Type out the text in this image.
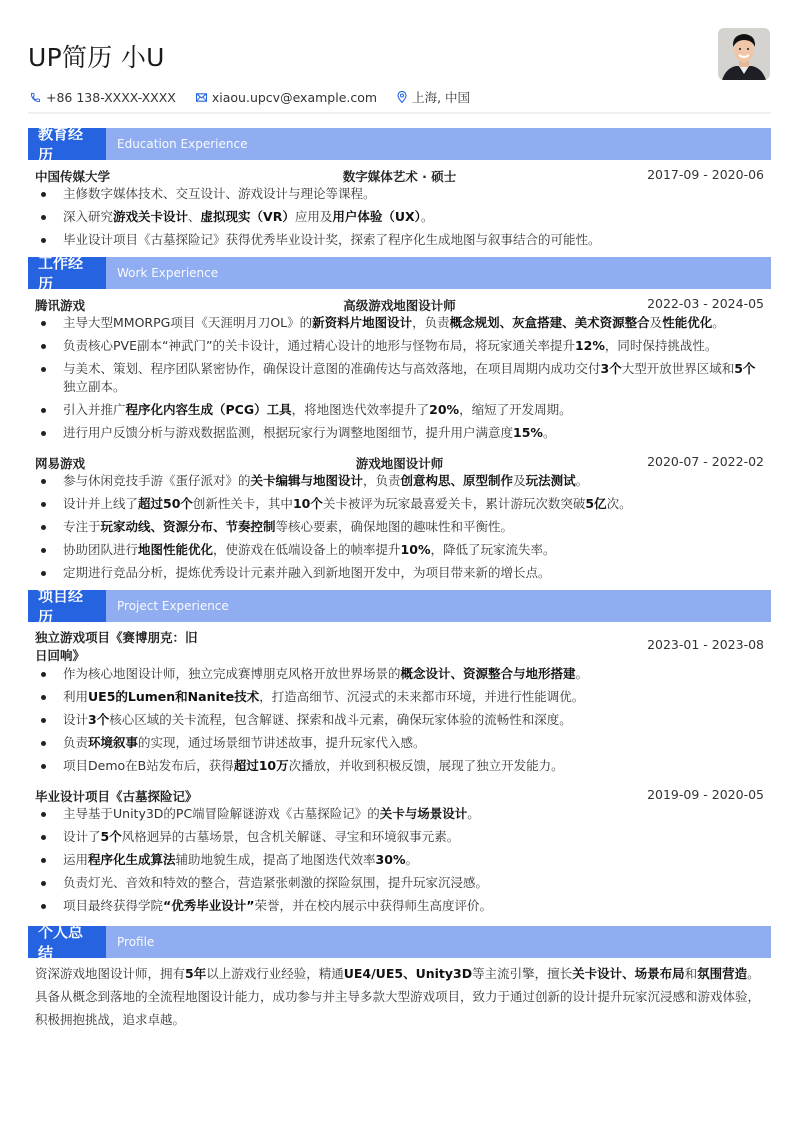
UP简历 小U
+86 138-XXXX-XXXX	xiaou.upcv@example.com	上海, 中国
教育经历
Education Experience
中国传媒大学	数字媒体艺术 · 硕士	2017-09 - 2020-06
主修数字媒体技术、交互设计、游戏设计与理论等课程。
深入研究游戏关卡设计、虚拟现实（VR）应用及用户体验（UX）。
毕业设计项目《古墓探险记》获得优秀毕业设计奖，探索了程序化生成地图与叙事结合的可能性。
工作经历
Work Experience
腾讯游戏	高级游戏地图设计师	2022-03 - 2024-05
主导大型MMORPG项目《天涯明月刀OL》的新资料片地图设计，负责概念规划、灰盒搭建、美术资源整合及性能优化。
负责核心PVE副本“神武门”的关卡设计，通过精心设计的地形与怪物布局，将玩家通关率提升12%，同时保持挑战性。
与美术、策划、程序团队紧密协作，确保设计意图的准确传达与高效落地，在项目周期内成功交付3个大型开放世界区域和5个独立副本。
引入并推广程序化内容生成（PCG）工具，将地图迭代效率提升了20%，缩短了开发周期。
进行用户反馈分析与游戏数据监测，根据玩家行为调整地图细节，提升用户满意度15%。
网易游戏	游戏地图设计师	2020-07 - 2022-02
参与休闲竞技手游《蛋仔派对》的关卡编辑与地图设计，负责创意构思、原型制作及玩法测试。
设计并上线了超过50个创新性关卡，其中10个关卡被评为玩家最喜爱关卡，累计游玩次数突破5亿次。
专注于玩家动线、资源分布、节奏控制等核心要素，确保地图的趣味性和平衡性。
协助团队进行地图性能优化，使游戏在低端设备上的帧率提升10%，降低了玩家流失率。
定期进行竞品分析，提炼优秀设计元素并融入到新地图开发中，为项目带来新的增长点。
项目经历
Project Experience
独立游戏项目《赛博朋克：旧
日回响》
2023-01 - 2023-08
作为核心地图设计师，独立完成赛博朋克风格开放世界场景的概念设计、资源整合与地形搭建。
利用UE5的Lumen和Nanite技术，打造高细节、沉浸式的未来都市环境，并进行性能调优。
设计3个核心区域的关卡流程，包含解谜、探索和战斗元素，确保玩家体验的流畅性和深度。
负责环境叙事的实现，通过场景细节讲述故事，提升玩家代入感。
项目Demo在B站发布后，获得超过10万次播放，并收到积极反馈，展现了独立开发能力。
毕业设计项目《古墓探险记》	2019-09 - 2020-05
主导基于Unity3D的PC端冒险解谜游戏《古墓探险记》的关卡与场景设计。
设计了5个风格迥异的古墓场景，包含机关解谜、寻宝和环境叙事元素。
运用程序化生成算法辅助地貌生成，提高了地图迭代效率30%。
负责灯光、音效和特效的整合，营造紧张刺激的探险氛围，提升玩家沉浸感。
项目最终获得学院“优秀毕业设计”荣誉，并在校内展示中获得师生高度评价。
个人总结
Profile
资深游戏地图设计师，拥有5年以上游戏行业经验，精通UE4/UE5、Unity3D等主流引擎，擅长关卡设计、场景布局和氛围营造。具备从概念到落地的全流程地图设计能力，成功参与并主导多款大型游戏项目，致力于通过创新的设计提升玩家沉浸感和游戏体验，积极拥抱挑战，追求卓越。
